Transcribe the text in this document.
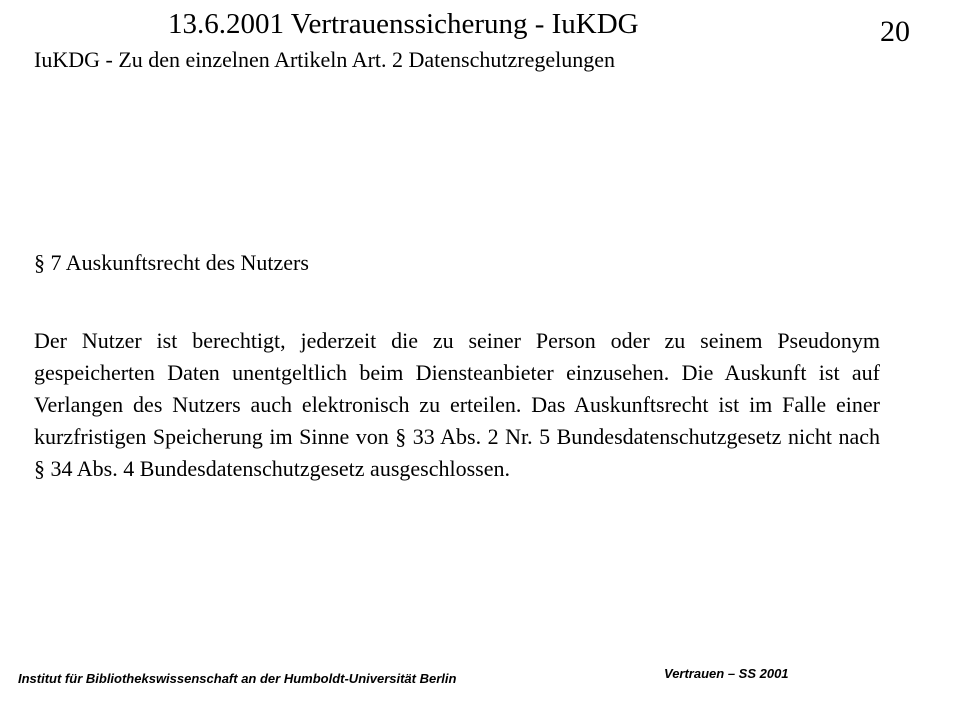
13.6.2001 Vertrauenssicherung - IuKDG	20
IuKDG - Zu den einzelnen Artikeln Art. 2 Datenschutzregelungen
§ 7 Auskunftsrecht des Nutzers
Der Nutzer ist berechtigt, jederzeit die zu seiner Person oder zu seinem Pseudonym gespeicherten Daten unentgeltlich beim Diensteanbieter einzusehen. Die Auskunft ist auf Verlangen des Nutzers auch elektronisch zu erteilen. Das Auskunftsrecht ist im Falle einer kurzfristigen Speicherung im Sinne von § 33 Abs. 2 Nr. 5 Bundesdatenschutzgesetz nicht nach § 34 Abs. 4 Bundesdatenschutzgesetz ausgeschlossen.
Institut für Bibliothekswissenschaft an der Humboldt-Universität Berlin	Vertrauen – SS 2001
